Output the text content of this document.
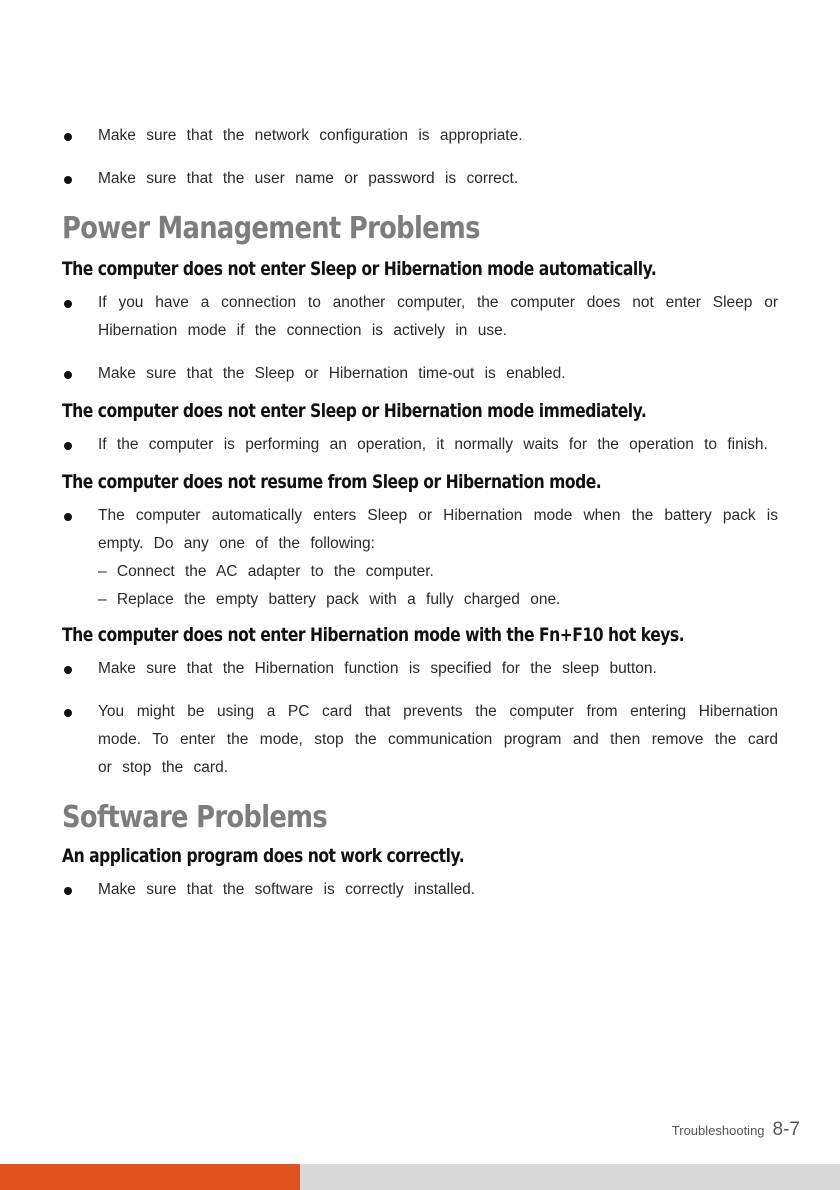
Make sure that the network configuration is appropriate.
Make sure that the user name or password is correct.
Power Management Problems
The computer does not enter Sleep or Hibernation mode automatically.
If you have a connection to another computer, the computer does not enter Sleep or Hibernation mode if the connection is actively in use.
Make sure that the Sleep or Hibernation time-out is enabled.
The computer does not enter Sleep or Hibernation mode immediately.
If the computer is performing an operation, it normally waits for the operation to finish.
The computer does not resume from Sleep or Hibernation mode.
The computer automatically enters Sleep or Hibernation mode when the battery pack is empty. Do any one of the following:
– Connect the AC adapter to the computer.
– Replace the empty battery pack with a fully charged one.
The computer does not enter Hibernation mode with the Fn+F10 hot keys.
Make sure that the Hibernation function is specified for the sleep button.
You might be using a PC card that prevents the computer from entering Hibernation mode. To enter the mode, stop the communication program and then remove the card or stop the card.
Software Problems
An application program does not work correctly.
Make sure that the software is correctly installed.
Troubleshooting 8-7
